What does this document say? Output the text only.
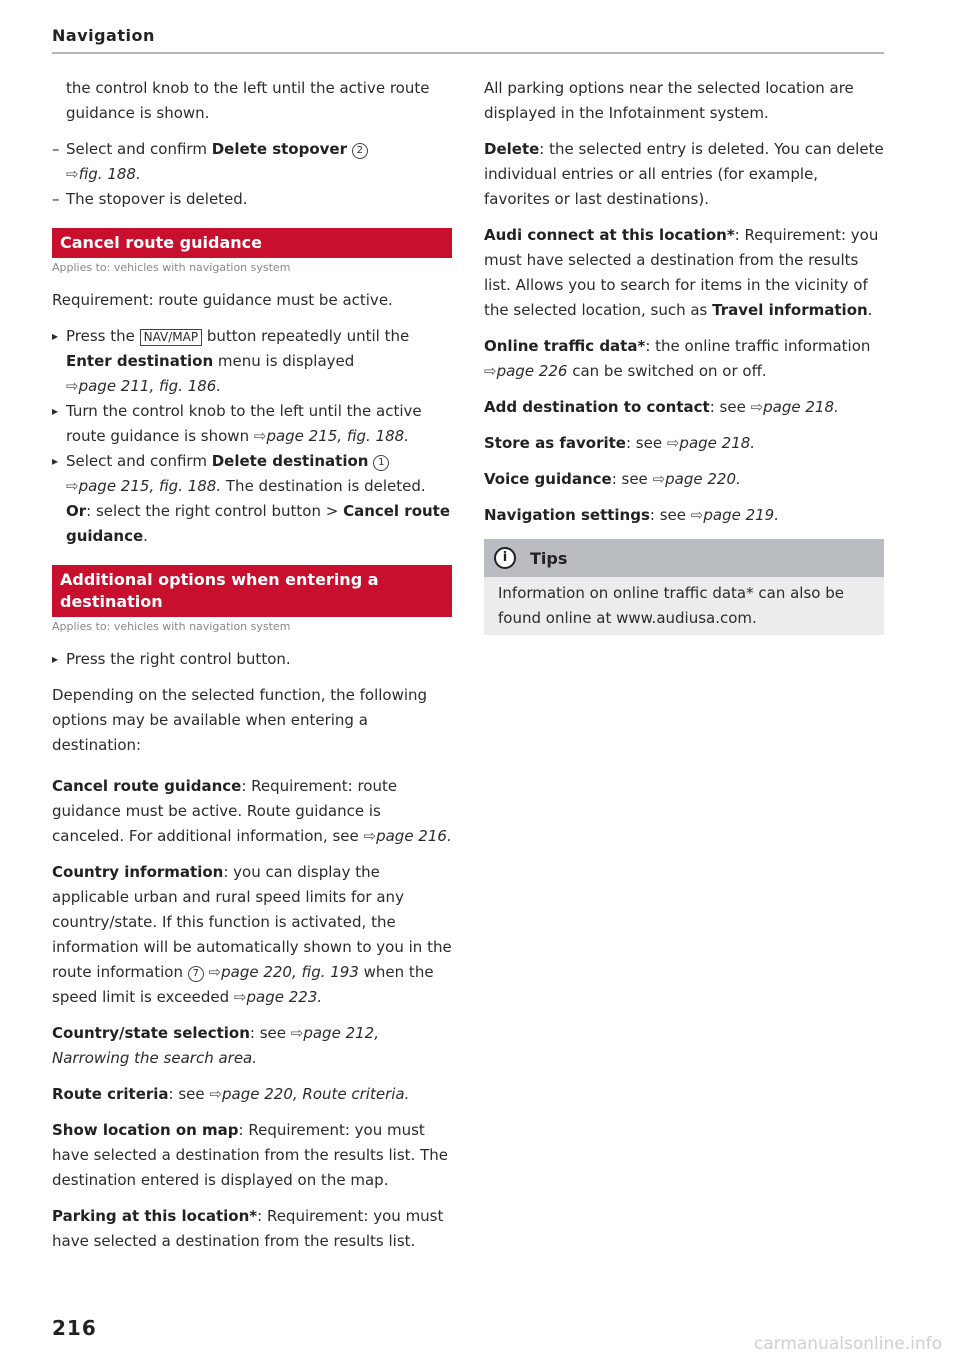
Navigation

the control knob to the left until the active route guidance is shown.

– Select and confirm Delete stopover 2
⇨fig. 188.

– The stopover is deleted.

Cancel route guidance
Applies to: vehicles with navigation system

Requirement: route guidance must be active.

▸ Press the NAV/MAP button repeatedly until the Enter destination menu is displayed
⇨page 211, fig. 186.
▸ Turn the control knob to the left until the active route guidance is shown ⇨page 215, fig. 188.
▸ Select and confirm Delete destination 1
⇨page 215, fig. 188. The destination is deleted. Or: select the right control button > Cancel route guidance.
Additional options when entering a destination
Applies to: vehicles with navigation system

▸ Press the right control button.

Depending on the selected function, the following options may be available when entering a destination:

Cancel route guidance: Requirement: route guidance must be active. Route guidance is canceled. For additional information, see ⇨page 216.

Country information: you can display the applicable urban and rural speed limits for any country/state. If this function is activated, the information will be automatically shown to you in the route information 7 ⇨page 220, fig. 193 when the speed limit is exceeded ⇨page 223.

Country/state selection: see ⇨page 212, Narrowing the search area.

Route criteria: see ⇨page 220, Route criteria.

Show location on map: Requirement: you must have selected a destination from the results list. The destination entered is displayed on the map.

Parking at this location*: Requirement: you must have selected a destination from the results list.

All parking options near the selected location are displayed in the Infotainment system.

Delete: the selected entry is deleted. You can delete individual entries or all entries (for example, favorites or last destinations).

Audi connect at this location*: Requirement: you must have selected a destination from the results list. Allows you to search for items in the vicinity of the selected location, such as Travel information.

Online traffic data*: the online traffic information ⇨page 226 can be switched on or off.

Add destination to contact: see ⇨page 218.

Store as favorite: see ⇨page 218.

Voice guidance: see ⇨page 220.

Navigation settings: see ⇨page 219.

i	Tips
Information on online traffic data* can also be found online at www.audiusa.com.
216
carmanualsonline.info
